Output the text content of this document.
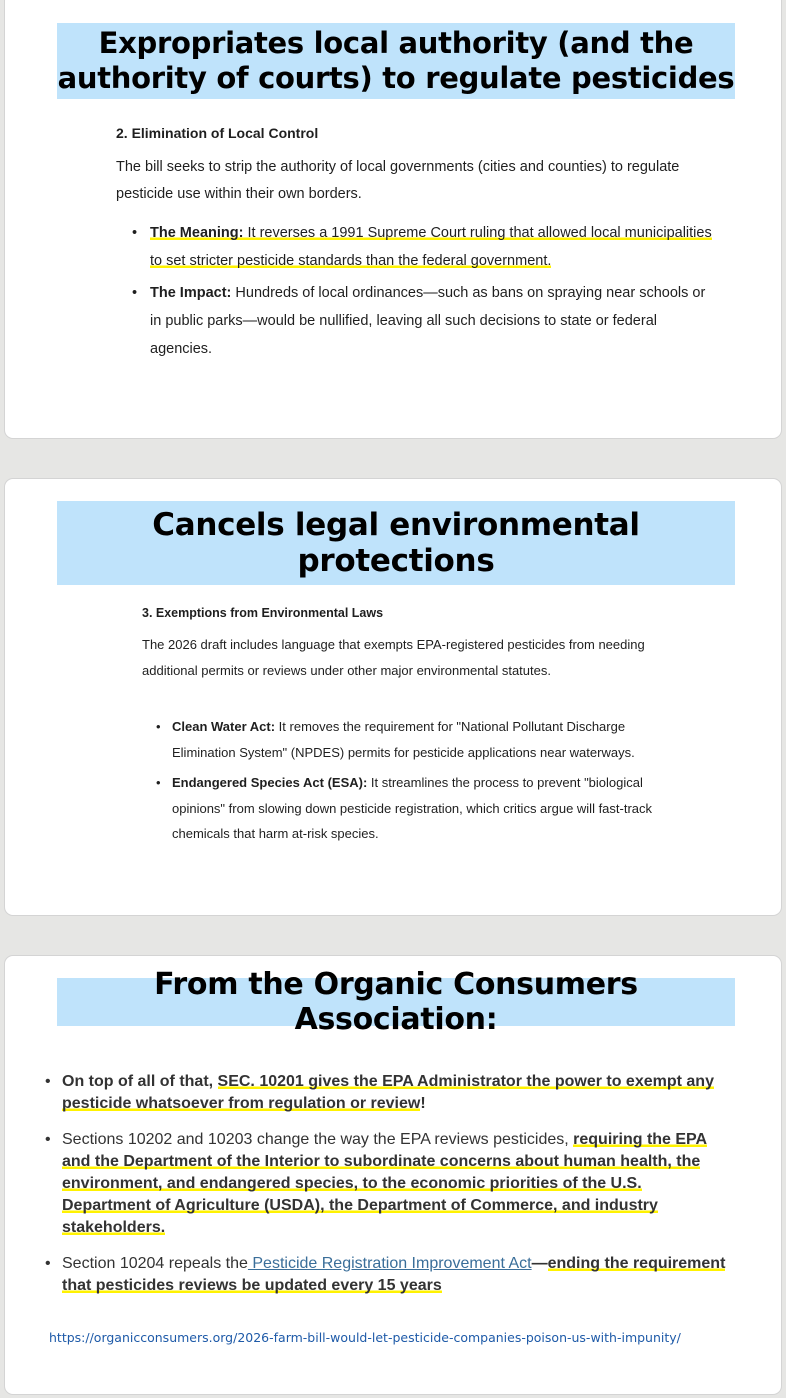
Expropriates local authority (and the authority of courts) to regulate pesticides
2. Elimination of Local Control
The bill seeks to strip the authority of local governments (cities and counties) to regulate pesticide use within their own borders.
• The Meaning: It reverses a 1991 Supreme Court ruling that allowed local municipalities to set stricter pesticide standards than the federal government.
• The Impact: Hundreds of local ordinances—such as bans on spraying near schools or in public parks—would be nullified, leaving all such decisions to state or federal agencies.
Cancels legal environmental protections
3. Exemptions from Environmental Laws
The 2026 draft includes language that exempts EPA-registered pesticides from needing additional permits or reviews under other major environmental statutes.
• Clean Water Act: It removes the requirement for "National Pollutant Discharge Elimination System" (NPDES) permits for pesticide applications near waterways.
• Endangered Species Act (ESA): It streamlines the process to prevent "biological opinions" from slowing down pesticide registration, which critics argue will fast-track chemicals that harm at-risk species.
From the Organic Consumers Association:
• On top of all of that, SEC. 10201 gives the EPA Administrator the power to exempt any pesticide whatsoever from regulation or review!
• Sections 10202 and 10203 change the way the EPA reviews pesticides, requiring the EPA and the Department of the Interior to subordinate concerns about human health, the environment, and endangered species, to the economic priorities of the U.S. Department of Agriculture (USDA), the Department of Commerce, and industry stakeholders.
• Section 10204 repeals the Pesticide Registration Improvement Act—ending the requirement that pesticides reviews be updated every 15 years
https://organicconsumers.org/2026-farm-bill-would-let-pesticide-companies-poison-us-with-impunity/
